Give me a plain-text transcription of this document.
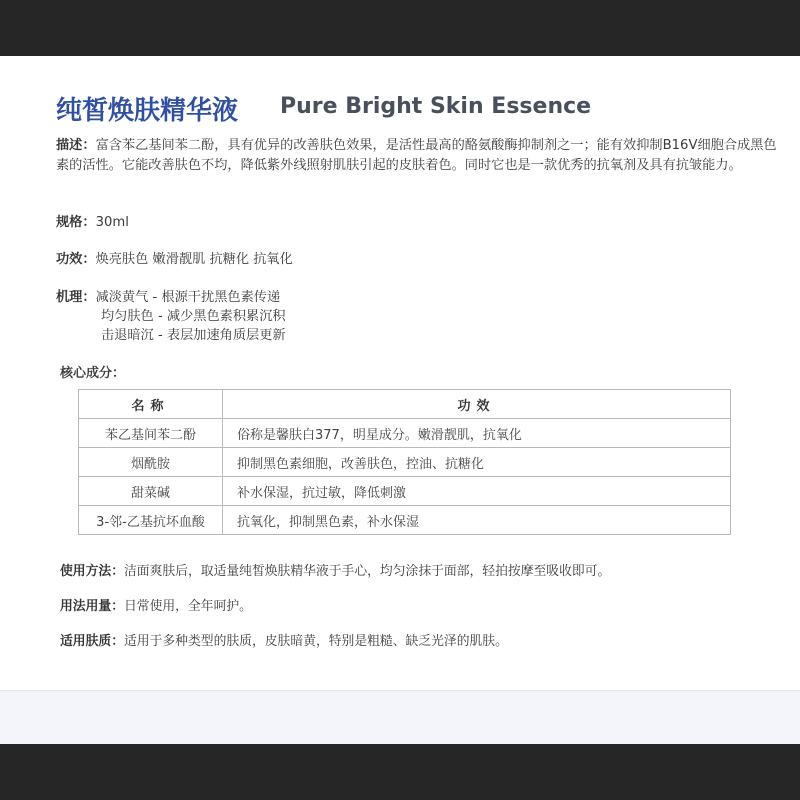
纯皙焕肤精华液 Pure Bright Skin Essence
描述：富含苯乙基间苯二酚，具有优异的改善肤色效果，是活性最高的酪氨酸酶抑制剂之一；能有效抑制B16V细胞合成黑色素的活性。它能改善肤色不均，降低紫外线照射肌肤引起的皮肤着色。同时它也是一款优秀的抗氧剂及具有抗皱能力。
规格：30ml
功效：焕亮肤色 嫩滑靓肌 抗糖化 抗氧化
机理：减淡黄气 - 根源干扰黑色素传递
均匀肤色 - 减少黑色素积累沉积
击退暗沉 - 表层加速角质层更新
核心成分：
名称	功效
苯乙基间苯二酚	俗称是馨肤白377，明星成分。嫩滑靓肌，抗氧化
烟酰胺	抑制黑色素细胞，改善肤色，控油、抗糖化
甜菜碱	补水保湿，抗过敏，降低刺激
3-邻-乙基抗坏血酸	抗氧化，抑制黑色素，补水保湿
使用方法：洁面爽肤后，取适量纯皙焕肤精华液于手心，均匀涂抹于面部，轻拍按摩至吸收即可。
用法用量：日常使用，全年呵护。
适用肤质：适用于多种类型的肤质，皮肤暗黄，特别是粗糙、缺乏光泽的肌肤。
